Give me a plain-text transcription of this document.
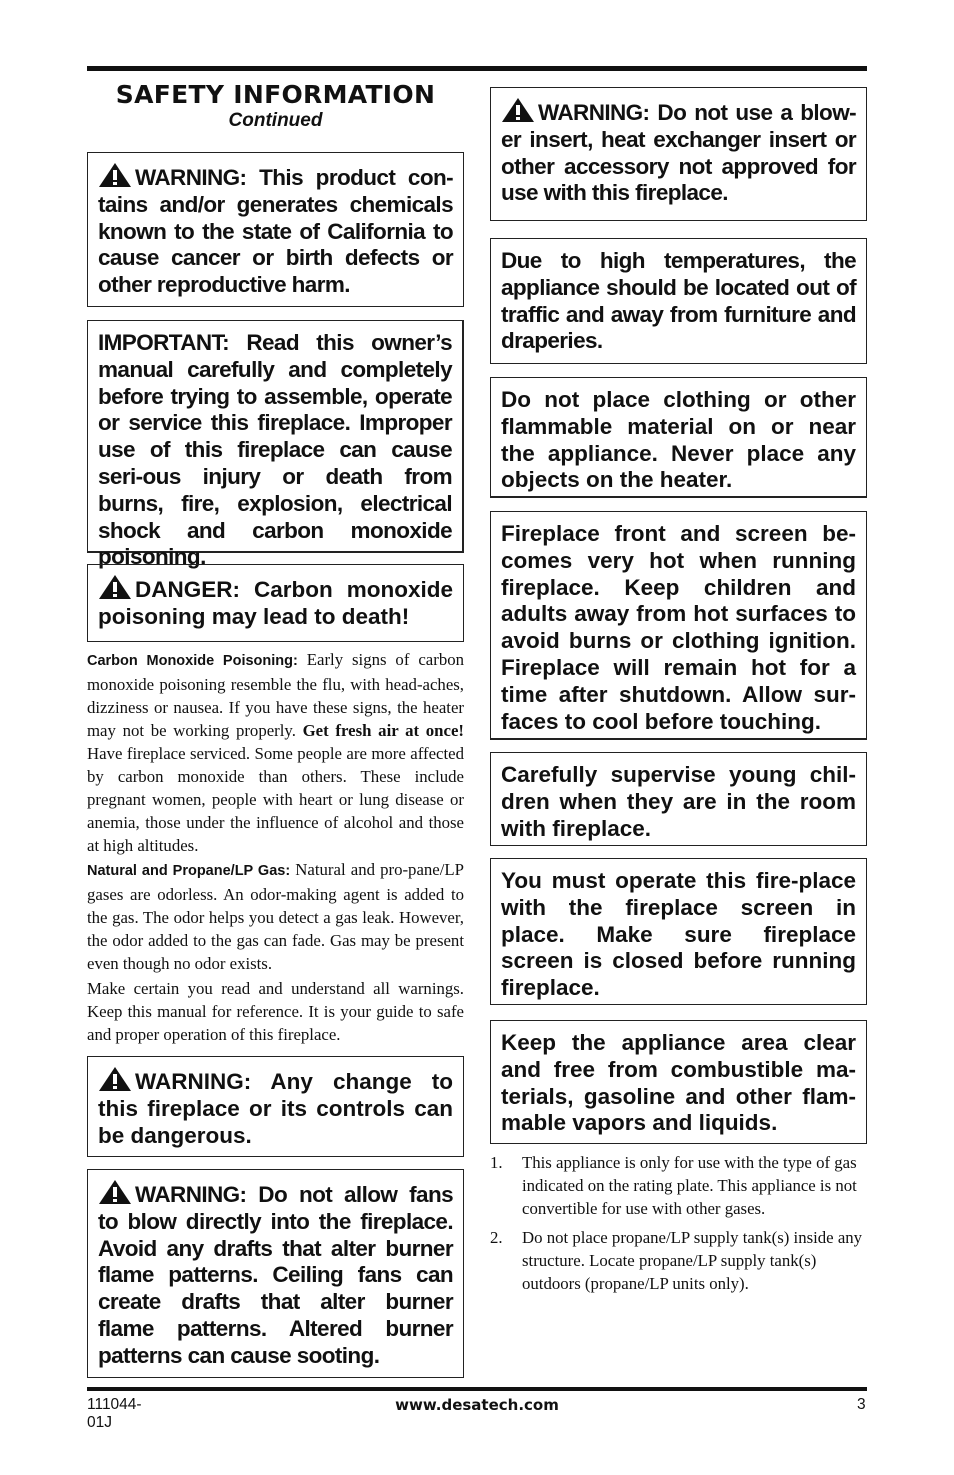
SAFETY INFORMATION
Continued
WARNING: This product con-tains and/or generates chemicals known to the state of California to cause cancer or birth defects or other reproductive harm.
IMPORTANT: Read this owner’s manual carefully and completely before trying to assemble, operate or service this fireplace. Improper use of this fireplace can cause seri-ous injury or death from burns, fire, explosion, electrical shock and carbon monoxide poisoning.
DANGER: Carbon monoxide poisoning may lead to death!
Carbon Monoxide Poisoning: Early signs of carbon monoxide poisoning resemble the flu, with head-aches, dizziness or nausea. If you have these signs, the heater may not be working properly. Get fresh air at once! Have fireplace serviced. Some people are more affected by carbon monoxide than others. These include pregnant women, people with heart or lung disease or anemia, those under the influence of alcohol and those at high altitudes.
Natural and Propane/LP Gas: Natural and pro-pane/LP gases are odorless. An odor-making agent is added to the gas. The odor helps you detect a gas leak. However, the odor added to the gas can fade. Gas may be present even though no odor exists.
Make certain you read and understand all warnings. Keep this manual for reference. It is your guide to safe and proper operation of this fireplace.
WARNING: Any change to this fireplace or its controls can be dangerous.
WARNING: Do not allow fans to blow directly into the fireplace. Avoid any drafts that alter burner flame patterns. Ceiling fans can create drafts that alter burner flame patterns. Altered burner patterns can cause sooting.
WARNING: Do not use a blow-er insert, heat exchanger insert or other accessory not approved for use with this fireplace.
Due to high temperatures, the appliance should be located out of traffic and away from furniture and draperies.
Do not place clothing or other flammable material on or near the appliance. Never place any objects on the heater.
Fireplace front and screen be-comes very hot when running fireplace. Keep children and adults away from hot surfaces to avoid burns or clothing ignition. Fireplace will remain hot for a time after shutdown. Allow sur-faces to cool before touching.
Carefully supervise young chil-dren when they are in the room with fireplace.
You must operate this fire-place with the fireplace screen in place. Make sure fireplace screen is closed before running fireplace.
Keep the appliance area clear and free from combustible ma-terials, gasoline and other flam-mable vapors and liquids.
1. This appliance is only for use with the type of gas indicated on the rating plate. This appliance is not convertible for use with other gases.
2. Do not place propane/LP supply tank(s) inside any structure. Locate propane/LP supply tank(s) outdoors (propane/LP units only).
111044-01J
www.desatech.com	3
